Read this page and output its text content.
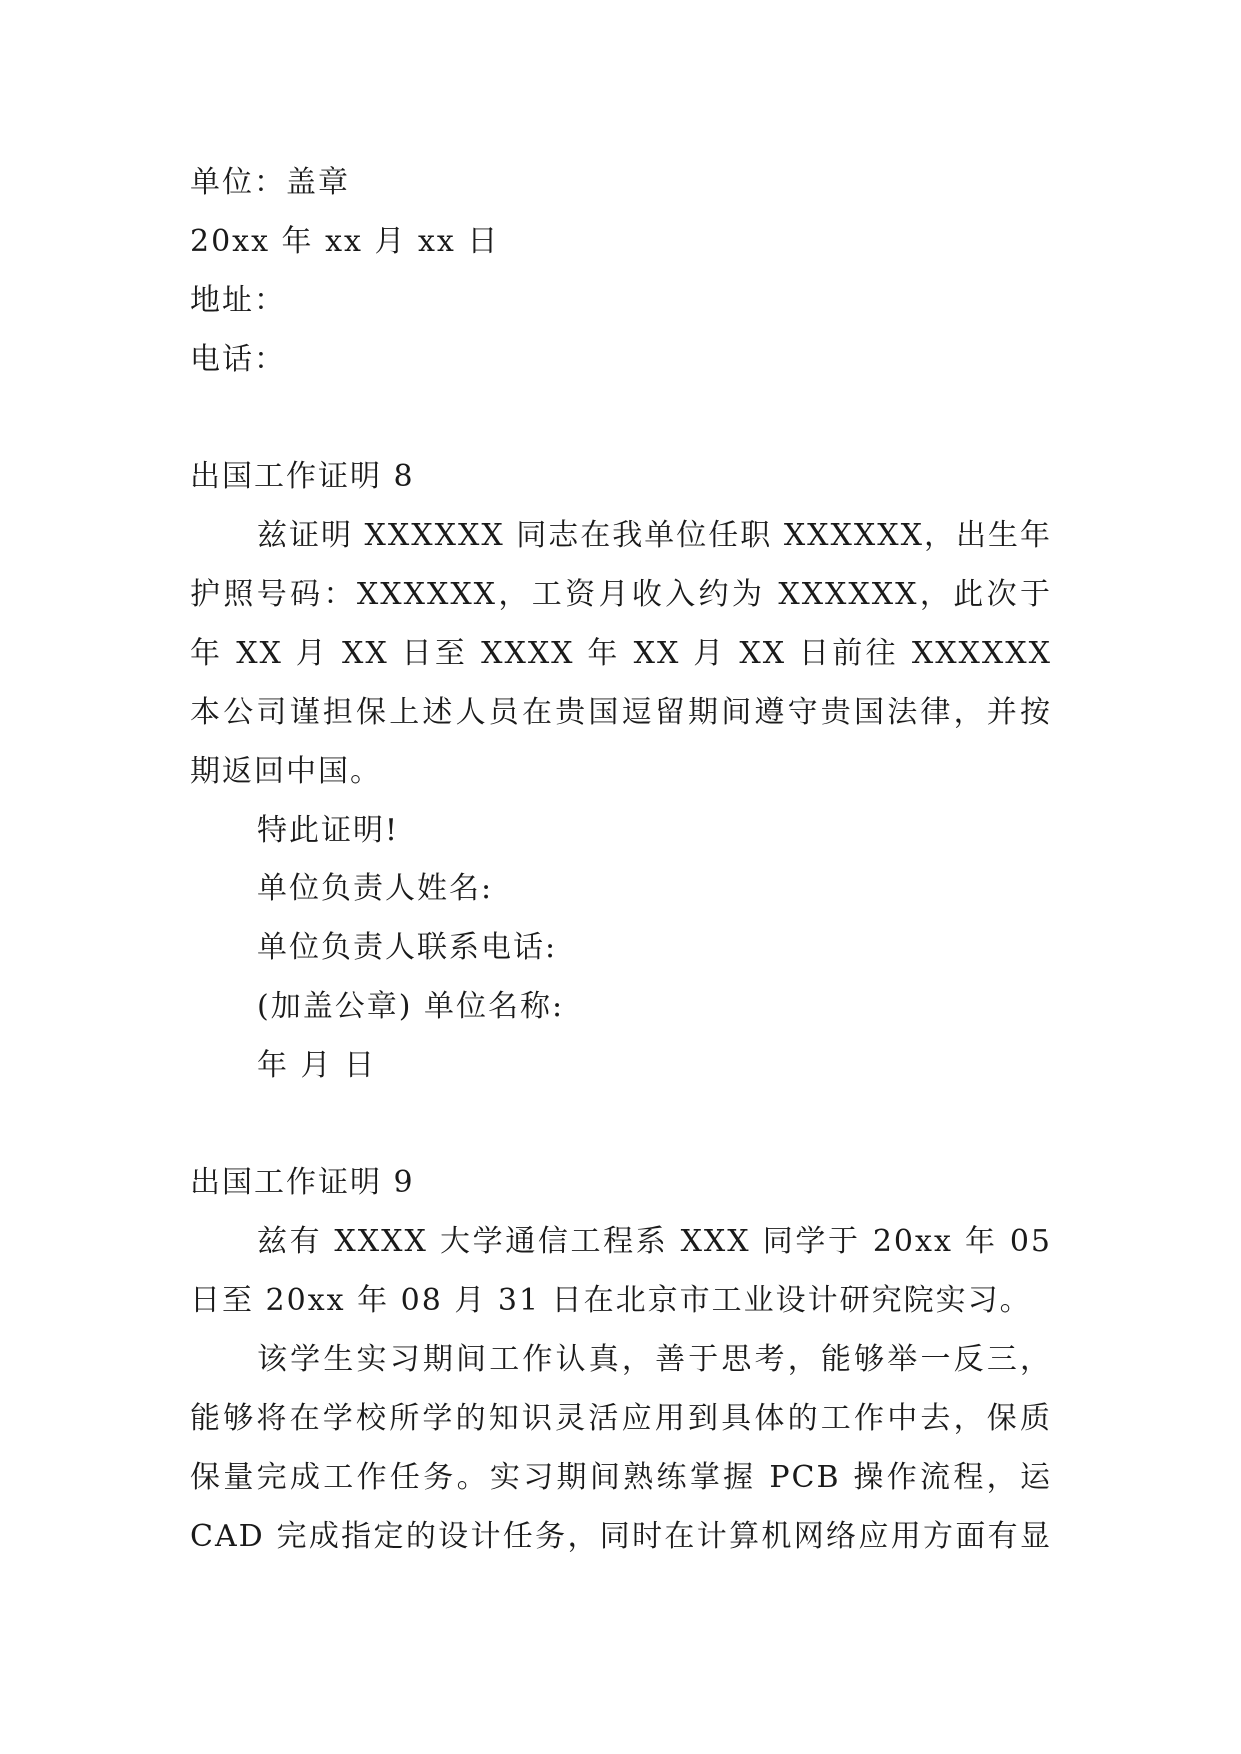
单位：盖章
20xx 年 xx 月 xx 日
地址：
电话：
出国工作证明 8
兹证明 XXXXXX 同志在我单位任职 XXXXXX，出生年
护照号码：XXXXXX，工资月收入约为 XXXXXX，此次于
年 XX 月 XX 日至 XXXX 年 XX 月 XX 日前往 XXXXXX
本公司谨担保上述人员在贵国逗留期间遵守贵国法律，并按
期返回中国。
特此证明!
单位负责人姓名:
单位负责人联系电话:
(加盖公章) 单位名称:
年 月 日
出国工作证明 9
兹有 XXXX 大学通信工程系 XXX 同学于 20xx 年 05
日至 20xx 年 08 月 31 日在北京市工业设计研究院实习。
该学生实习期间工作认真，善于思考，能够举一反三，
能够将在学校所学的知识灵活应用到具体的工作中去，保质
保量完成工作任务。实习期间熟练掌握 PCB 操作流程，运
CAD 完成指定的设计任务，同时在计算机网络应用方面有显
